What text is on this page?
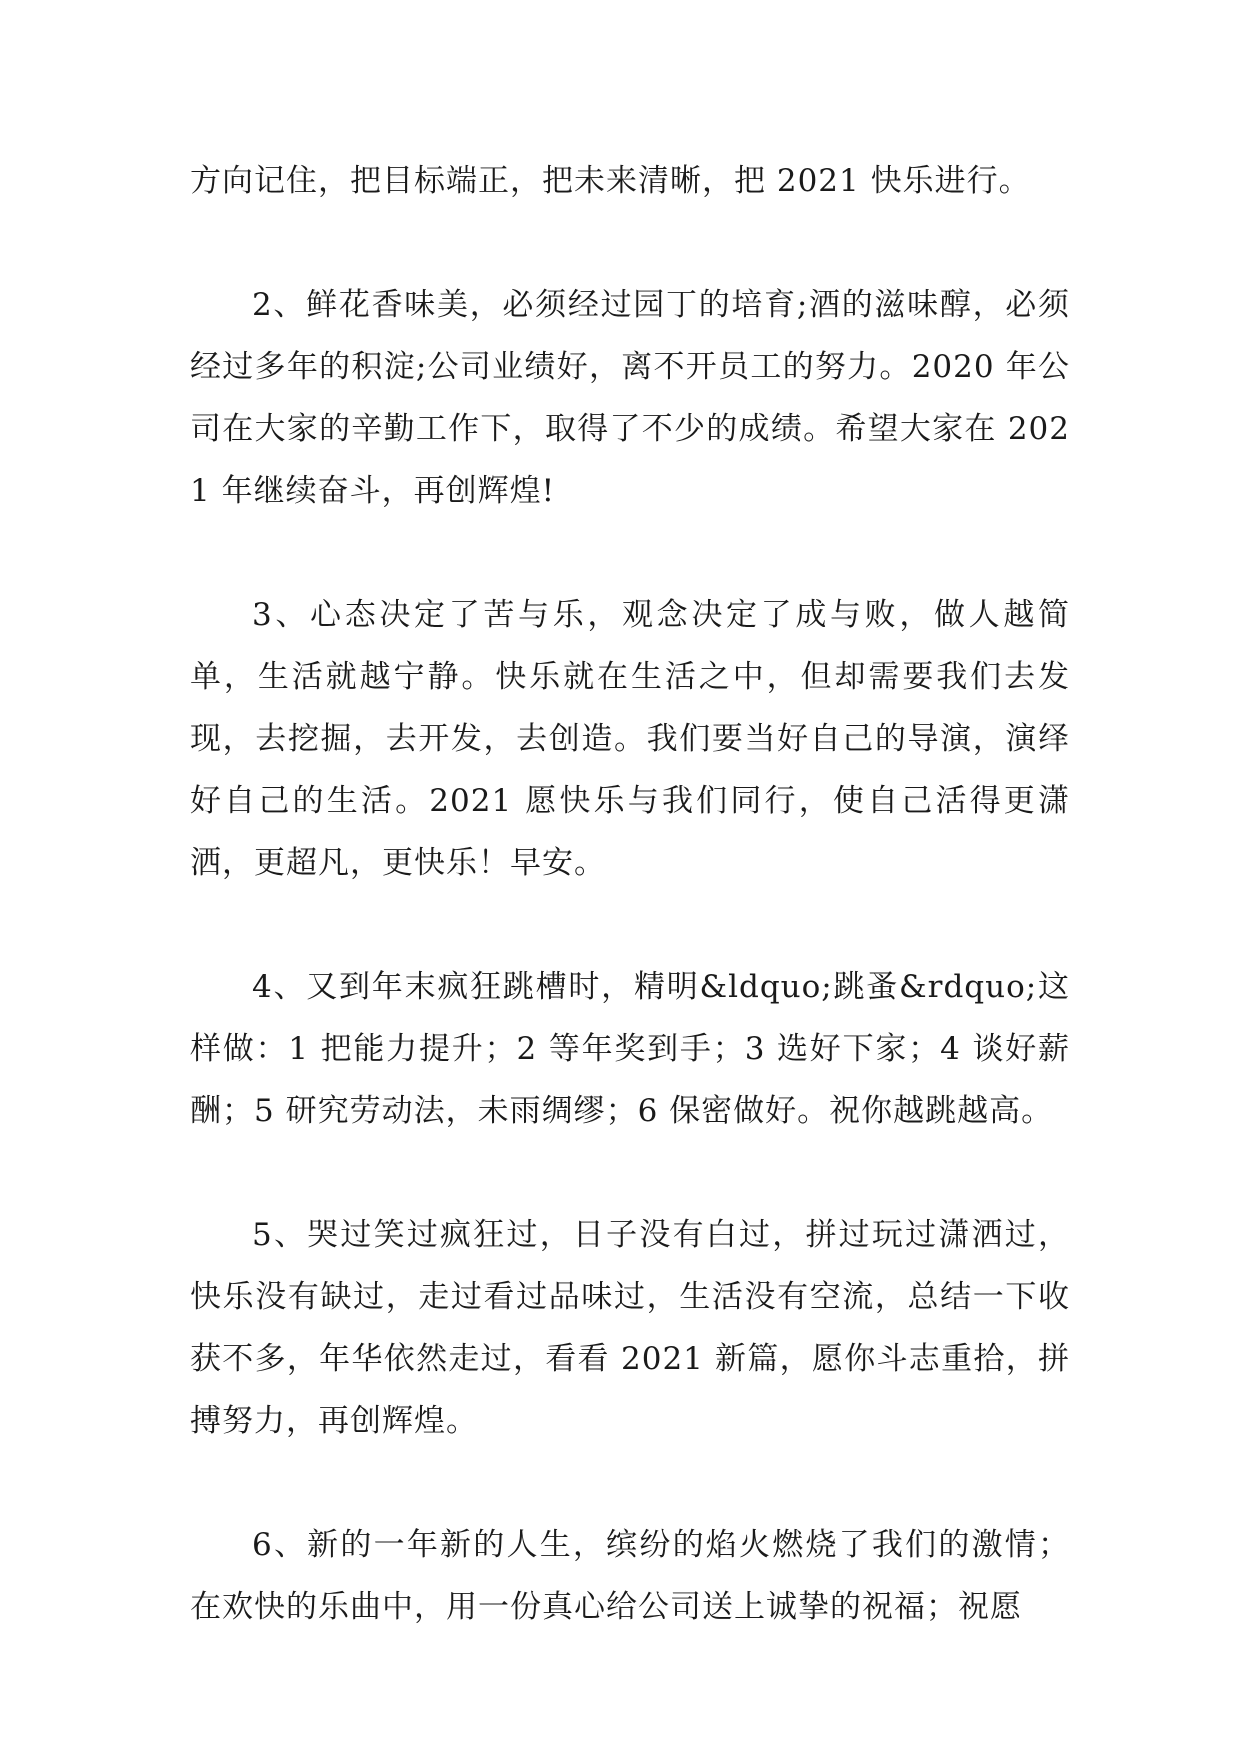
方向记住，把目标端正，把未来清晰，把 2021 快乐进行。

2、鲜花香味美，必须经过园丁的培育;酒的滋味醇，必须经过多年的积淀;公司业绩好，离不开员工的努力。2020 年公司在大家的辛勤工作下，取得了不少的成绩。希望大家在 2021 年继续奋斗，再创辉煌!

3、心态决定了苦与乐，观念决定了成与败，做人越简单，生活就越宁静。快乐就在生活之中，但却需要我们去发现，去挖掘，去开发，去创造。我们要当好自己的导演，演绎好自己的生活。2021 愿快乐与我们同行，使自己活得更潇洒，更超凡，更快乐！早安。

4、又到年末疯狂跳槽时，精明&ldquo;跳蚤&rdquo;这样做：1 把能力提升；2 等年奖到手；3 选好下家；4 谈好薪酬；5 研究劳动法，未雨绸缪；6 保密做好。祝你越跳越高。

5、哭过笑过疯狂过，日子没有白过，拼过玩过潇洒过，快乐没有缺过，走过看过品味过，生活没有空流，总结一下收获不多，年华依然走过，看看 2021 新篇，愿你斗志重拾，拼搏努力，再创辉煌。

6、新的一年新的人生，缤纷的焰火燃烧了我们的激情；在欢快的乐曲中，用一份真心给公司送上诚挚的祝福；祝愿
